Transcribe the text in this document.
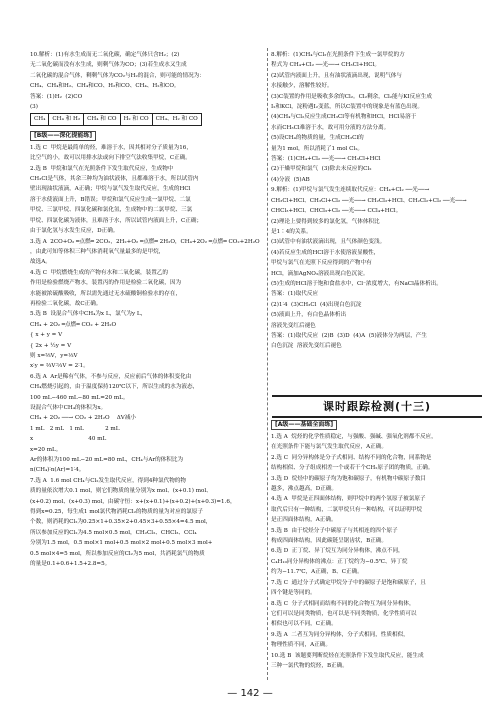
10.解析：(1)有水生成而无二氧化碳，确定气体只含H₂；(2)

无二氧化碳而没有水生成，则剩气体为CO；(3)若生成水又生成

二氧化碳的混合气体，剩剩气体为CO₂与H₂的混合，则可能的情况为：

CH₄、CH₄和H₂、CH₄和CO、H₂和CO、CH₄、H₂和CO。

答案：(1)H₂  (2)CO

(3)

CH₄	CH₄ 和 H₂	CH₄ 和 CO	H₂ 和 CO	CH₄、H₂ 和 CO
[B级——深化提能练]

1.选 C  甲烷是最简单的烃，难溶于水，因其相对分子质量为16，

比空气的小，故可以用排水法或向下排空气法收集甲烷，C正确。

2.选 B  甲烷和氯气在光照条件下发生取代反应，生成物中

CH₃Cl是气体，其余三种均为油状液体，且都难溶于水，所以试管内

壁出现油状液滴，A正确；甲烷与氯气发生取代反应，生成的HCl

溶于水使液面上升，B错误；甲烷和氯气反应生成一氯甲烷、二氯

甲烷、三氯甲烷、四氯化碳和氯化氢，生成物中的二氯甲烷、三氯

甲烷、四氯化碳为液体，且难溶于水，所以试管内液面上升，C正确；

由于氯化氢与水发生反应，D正确。

3.选 A  2CO+O₂ ═点燃═ 2CO₂，2H₂+O₂ ═点燃═ 2H₂O，CH₄+2O₂ ═点燃═ CO₂+2H₂O

，由此可知等体积三种气体消耗氧气量最多的是甲烷，

故选A。

4.选 C  甲烷燃烧生成的产物有水和二氧化碳，装置乙的

作用是检验燃烧产物水，装置丙的作用是检验二氧化碳，因为

水能被浓硫酸吸收，所以需先通过无水硫酸铜检验水的存在，

再检验二氧化碳，故C正确。

5.选 B  设混合气体中CH₄为x L，氯气为y L，

CH₄ + 2O₂ ═点燃═ CO₂ + 2H₂O

{ x + y = V

{ 2x + ½y = V

则 x=⅔V，y=⅓V

x∶y = ⅔V∶⅓V = 2∶1。

6.选 A  Ar是稀有气体，不参与反应，反应前后气体的体积变化由

CH₄燃烧引起的，由于温度保持120℃以下，所以生成的水为液态，

100 mL−460 mL−80 mL=20 mL。

设混合气体中CH₄的体积为x。

CH₄ + 2O₂ ──→ CO₂ + 2H₂O    ΔV减小

1 mL   2 mL   1 mL            2 mL

x                               40 mL

x=20 mL。

Ar的体积为100 mL−20 mL=80 mL，CH₄与Ar的体积比为

n(CH₄)∶n(Ar)=1∶4。

7.选 A  1.6 mol CH₄与Cl₂发生取代反应，得到4种氯代物的物

质的量依次增大0.1 mol，则它们物质的量分别为x mol、(x+0.1) mol、

(x+0.2) mol、(x+0.3) mol，由碳守恒：x+(x+0.1)+(x+0.2)+(x+0.3)=1.6，

得到x=0.25，每生成1 mol氯代物消耗Cl₂的物质的量为对应的氯原子

个数，则消耗的Cl₂为0.25×1+0.35×2+0.45×3+0.55×4=4.5 mol，

所以参加反应的Cl₂为4.5 mol×0.5 mol，CH₂Cl₂、CHCl₃、CCl₄

分别为1.5 mol，0.5 mol×1 mol+0.5 mol×2 mol+0.5 mol×3 mol+

0.5 mol×4=5 mol，所以参加反应的Cl₂为5 mol，共消耗氯气的物质

的量是0.1+0.6+1.5+2.8=5。

8.解析：(1)CH₄与Cl₂在光照条件下生成一氯甲烷的方

程式为 CH₄+Cl₂ ──光──→ CH₃Cl+HCl。

(2)试管内液面上升，且有油状液滴出现，说明气体与

水接触少，溶解性较好。

(3)C装置的作用是吸收多余的Cl₂。Cl₂剩余，Cl₂能与KI反应生成

I₂和KCl，淀粉遇I₂变蓝，所以C装置中的现象是有蓝色出现。

(4)CH₄与Cl₂反应生成CH₃Cl等有机物和HCl，HCl易溶于

水而CH₃Cl难溶于水，故可用分液的方法分离。

(5)设CH₄的物质的量，生成CH₃Cl的

量为1 mol，所以消耗了1 mol Cl₂。

答案：(1)CH₄+Cl₂ ──光──→ CH₃Cl+HCl

(2)干燥甲烷和氯气  (3)除去未反应的Cl₂

(4)分液  (5)AB

9.解析：(1)甲烷与氯气发生连续取代反应：CH₄+Cl₂ ──光──→

CH₃Cl+HCl、CH₃Cl+Cl₂ ──光──→ CH₂Cl₂+HCl、CH₂Cl₂+Cl₂ ──光──→

CHCl₃+HCl、CHCl₃+Cl₂ ──光──→ CCl₄+HCl。

(2)理论上要得到较多的氯化氢，气体体积比

是1∶4的关系。

(3)试管中有油状液滴出现，且气体颜色变浅。

(4)若反应生成的HCl溶于水使溶液显酸性，

甲烷与氯气在光照下反应得到的产物中有

HCl，滴加AgNO₃溶液出现白色沉淀。

(5)生成的HCl溶于饱和食盐水中，Cl⁻浓度增大，有NaCl晶体析出。

答案：(1)取代反应

(2)1∶4  (3)CH₃Cl  (4)出现白色沉淀

(5)液面上升，有白色晶体析出

溶液先变红后褪色

答案：(1)取代反应  (2)B  (3)D  (4)A  (5)液体分为两层，产生

白色沉淀  溶液先变红后褪色

课时跟踪检测(十三)
[A级——基础全面练]

1.选 A  烷烃的化学性质稳定，与强酸、强碱、强氧化剂都不反应，

在光照条件下能与氯气发生取代反应，A正确。

2.选 C  同分异构体是分子式相同、结构不同的化合物，同系物是

结构相似、分子组成相差一个或若干个CH₂原子团的物质，正确。

3.选 D  烷烃中的碳原子均为饱和碳原子，有机物中碳原子数目

越多，沸点越高，D正确。

4.选 A  甲烷是正四面体结构，则甲烷中的两个氢原子被氯原子

取代后只有一种结构，二氯甲烷只有一种结构，可以证明甲烷

是正四面体结构，A正确。

5.选 B  由于烷烃分子中碳原子与其相连的四个原子

构成四面体结构，因此碳链呈锯齿状，B正确。

6.选 D  正丁烷、异丁烷互为同分异构体，沸点不同，

C₄H₁₀同分异构体的沸点：正丁烷约为−0.5℃、异丁烷

约为−11.7℃，A正确，B、C正确。

7.选 C  通过分子式确定甲烷分子中的碳原子是饱和碳原子，且

四个键是等同的。

8.选 C  分子式相同而结构不同的化合物互为同分异构体，

它们可以是同类物质，也可以是不同类物质，化学性质可以

相似也可以不同，C正确。

9.选 A  二者互为同分异构体，分子式相同，性质相似，

物理性质不同，A正确。

10.选 B  该题要判断烷烃在光照条件下发生取代反应，能生成

三种一氯代物的烷烃，B正确。

— 142 —
